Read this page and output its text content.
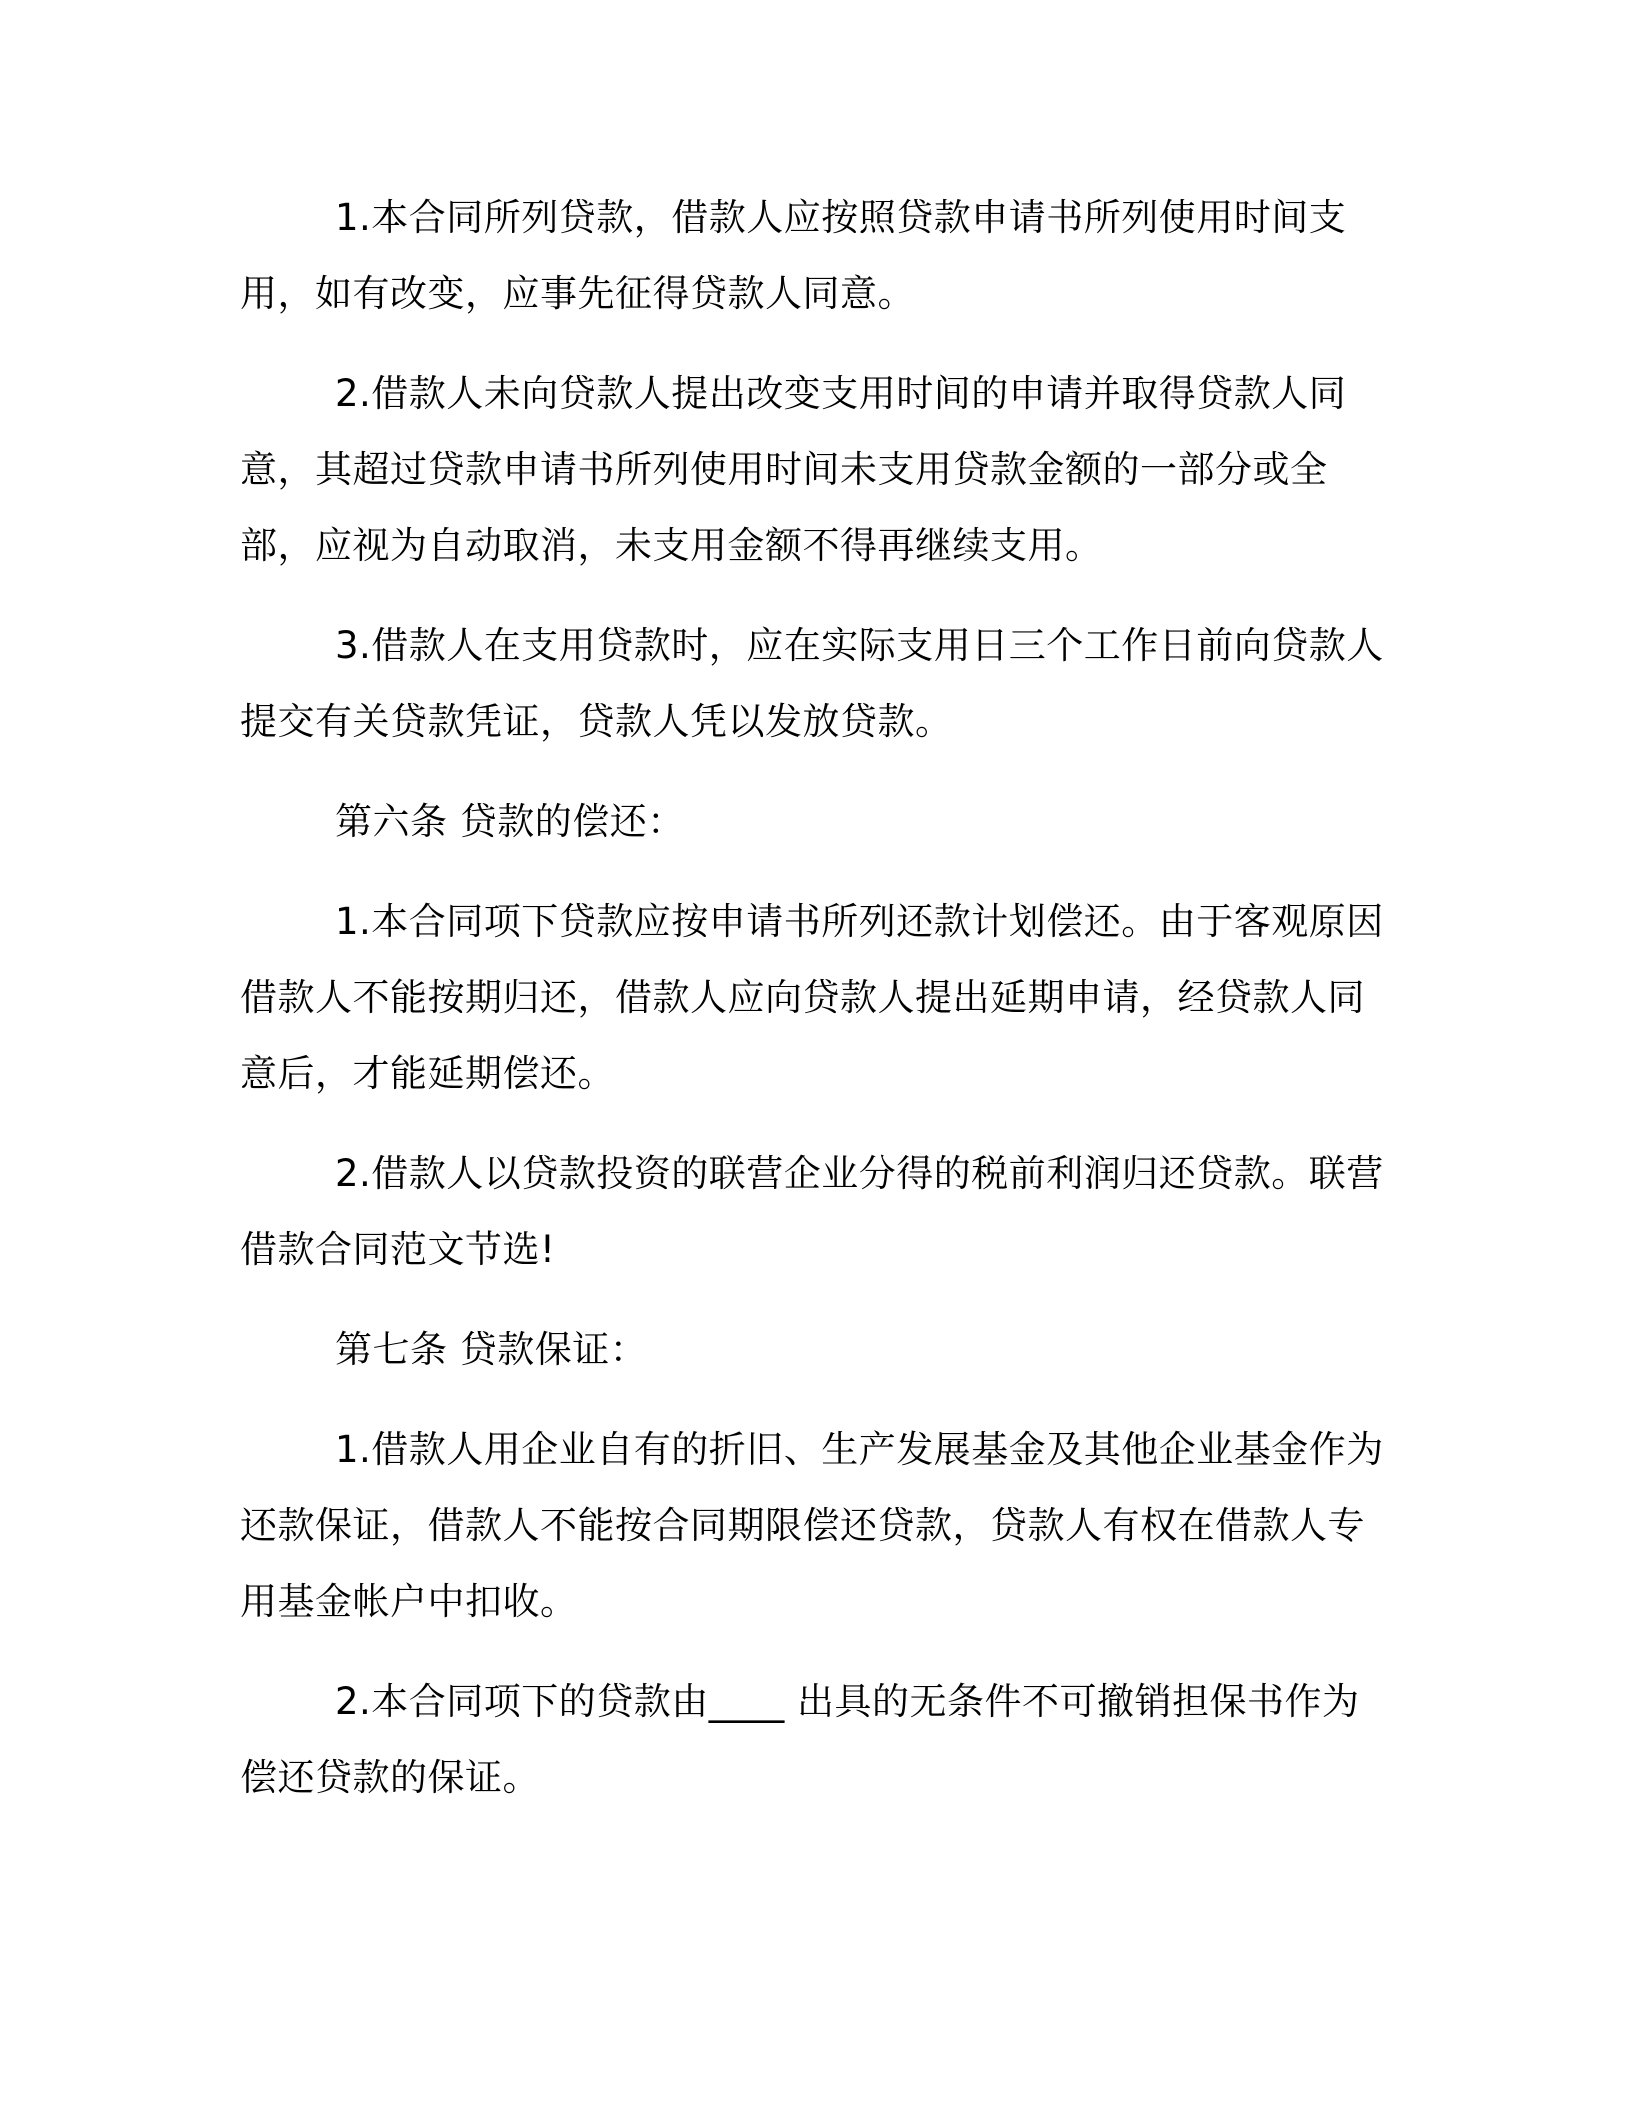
1.本合同所列贷款，借款人应按照贷款申请书所列使用时间支用，如有改变，应事先征得贷款人同意。

2.借款人未向贷款人提出改变支用时间的申请并取得贷款人同意，其超过贷款申请书所列使用时间未支用贷款金额的一部分或全部，应视为自动取消，未支用金额不得再继续支用。

3.借款人在支用贷款时，应在实际支用日三个工作日前向贷款人提交有关贷款凭证，贷款人凭以发放贷款。

第六条 贷款的偿还：

1.本合同项下贷款应按申请书所列还款计划偿还。由于客观原因借款人不能按期归还，借款人应向贷款人提出延期申请，经贷款人同意后，才能延期偿还。

2.借款人以贷款投资的联营企业分得的税前利润归还贷款。联营借款合同范文节选!

第七条 贷款保证：

1.借款人用企业自有的折旧、生产发展基金及其他企业基金作为还款保证，借款人不能按合同期限偿还贷款，贷款人有权在借款人专用基金帐户中扣收。

2.本合同项下的贷款由____ 出具的无条件不可撤销担保书作为偿还贷款的保证。
